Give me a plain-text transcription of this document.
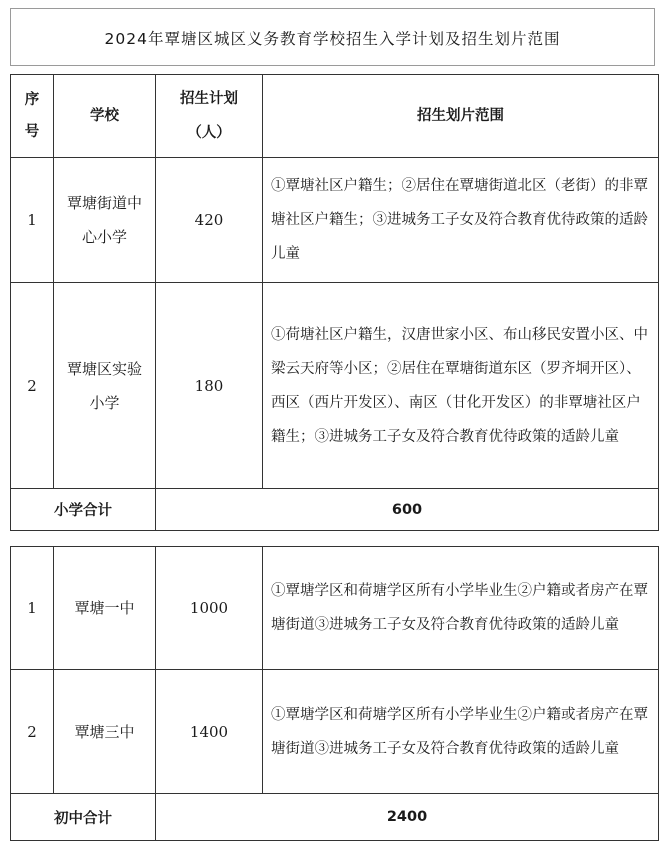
2024年覃塘区城区义务教育学校招生入学计划及招生划片范围
序号	学校	招生计划（人）	招生划片范围
1	覃塘街道中心小学	420	①覃塘社区户籍生；②居住在覃塘街道北区（老街）的非覃塘社区户籍生；③进城务工子女及符合教育优待政策的适龄儿童
2	覃塘区实验小学	180	①荷塘社区户籍生，汉唐世家小区、布山移民安置小区、中梁云天府等小区；②居住在覃塘街道东区（罗齐垌开区）、西区（西片开发区）、南区（甘化开发区）的非覃塘社区户籍生；③进城务工子女及符合教育优待政策的适龄儿童
小学合计		600	
1	覃塘一中	1000	①覃塘学区和荷塘学区所有小学毕业生②户籍或者房产在覃塘街道③进城务工子女及符合教育优待政策的适龄儿童
2	覃塘三中	1400	①覃塘学区和荷塘学区所有小学毕业生②户籍或者房产在覃塘街道③进城务工子女及符合教育优待政策的适龄儿童
初中合计		2400	
